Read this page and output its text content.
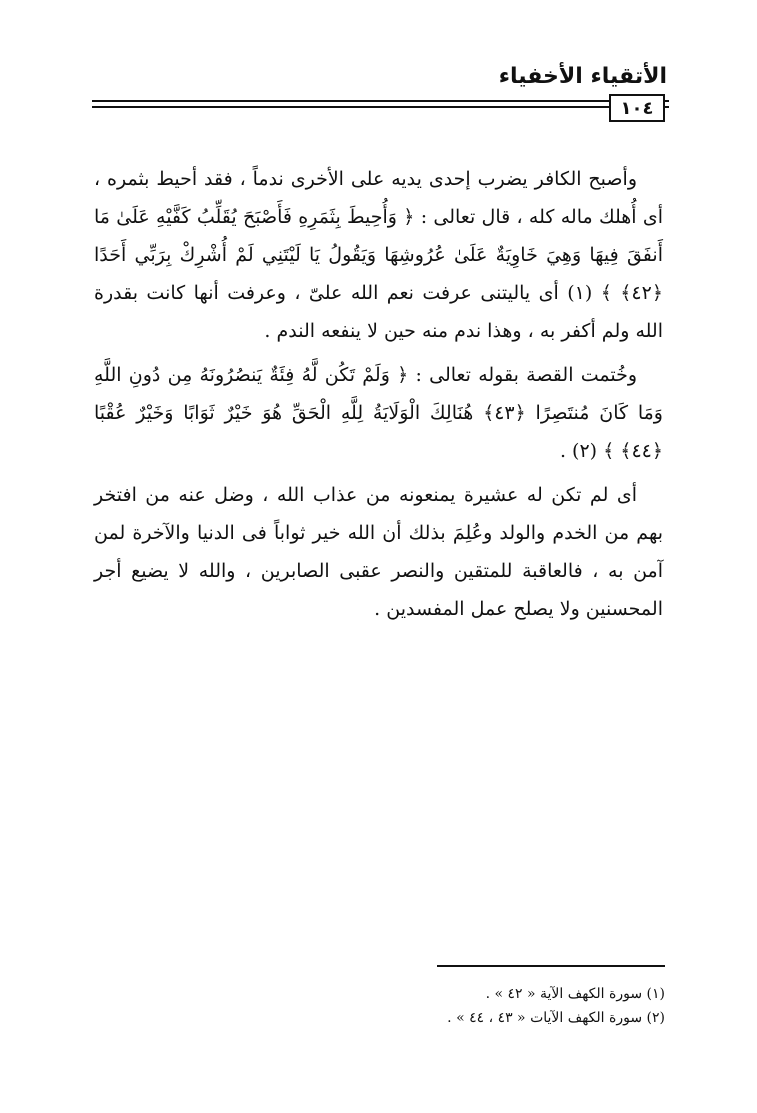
الأتقياء الأخفياء
١٠٤

وأصبح الكافر يضرب إحدى يديه على الأخرى ندماً ، فقد أحيط بثمره ، أى أُهلك ماله كله ، قال تعالى : ﴿ وَأُحِيطَ بِثَمَرِهِ فَأَصْبَحَ يُقَلِّبُ كَفَّيْهِ عَلَىٰ مَا أَنفَقَ فِيهَا وَهِيَ خَاوِيَةٌ عَلَىٰ عُرُوشِهَا وَيَقُولُ يَا لَيْتَنِي لَمْ أُشْرِكْ بِرَبِّي أَحَدًا ﴿٤٢﴾ ﴾ (١) أى ياليتنى عرفت نعم الله علىّ ، وعرفت أنها كانت بقدرة الله ولم أكفر به ، وهذا ندم منه حين لا ينفعه الندم .

وخُتمت القصة بقوله تعالى : ﴿ وَلَمْ تَكُن لَّهُ فِئَةٌ يَنصُرُونَهُ مِن دُونِ اللَّهِ وَمَا كَانَ مُنتَصِرًا ﴿٤٣﴾ هُنَالِكَ الْوَلَايَةُ لِلَّهِ الْحَقِّ هُوَ خَيْرٌ ثَوَابًا وَخَيْرٌ عُقْبًا ﴿٤٤﴾ ﴾ (٢) .

أى لم تكن له عشيرة يمنعونه من عذاب الله ، وضل عنه من افتخر بهم من الخدم والولد وعُلِمَ بذلك أن الله خير ثواباً فى الدنيا والآخرة لمن آمن به ، فالعاقبة للمتقين والنصر عقبى الصابرين ، والله لا يضيع أجر المحسنين ولا يصلح عمل المفسدين .

(١) سورة الكهف الآية « ٤٢ » .
(٢) سورة الكهف الآيات « ٤٣ ، ٤٤ » .
